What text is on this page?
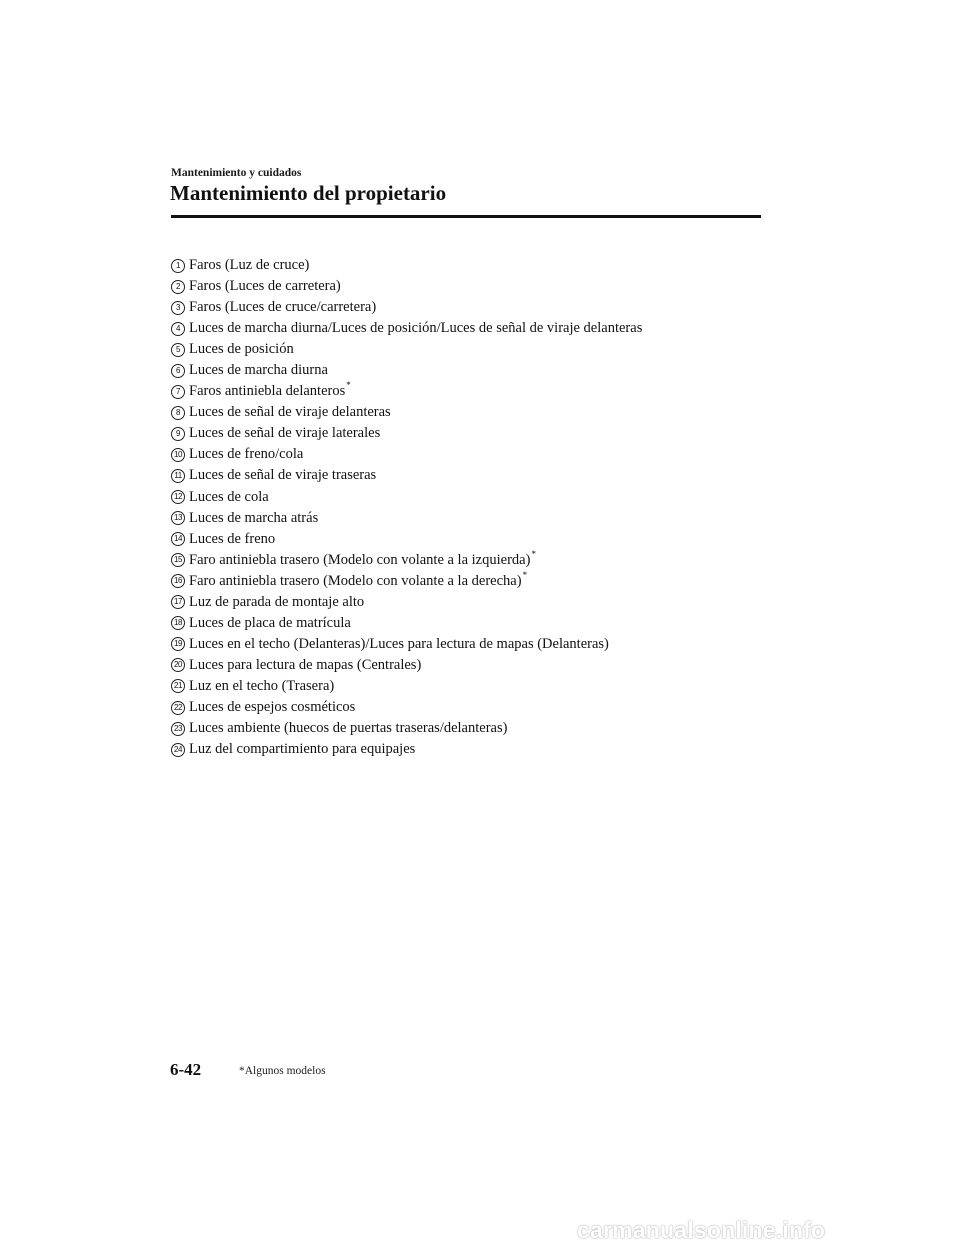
Mantenimiento y cuidados
Mantenimiento del propietario
1 Faros (Luz de cruce)
2 Faros (Luces de carretera)
3 Faros (Luces de cruce/carretera)
4 Luces de marcha diurna/Luces de posición/Luces de señal de viraje delanteras
5 Luces de posición
6 Luces de marcha diurna
7 Faros antiniebla delanteros *
8 Luces de señal de viraje delanteras
9 Luces de señal de viraje laterales
10 Luces de freno/cola
11 Luces de señal de viraje traseras
12 Luces de cola
13 Luces de marcha atrás
14 Luces de freno
15 Faro antiniebla trasero (Modelo con volante a la izquierda) *
16 Faro antiniebla trasero (Modelo con volante a la derecha) *
17 Luz de parada de montaje alto
18 Luces de placa de matrícula
19 Luces en el techo (Delanteras)/Luces para lectura de mapas (Delanteras)
20 Luces para lectura de mapas (Centrales)
21 Luz en el techo (Trasera)
22 Luces de espejos cosméticos
23 Luces ambiente (huecos de puertas traseras/delanteras)
24 Luz del compartimiento para equipajes
6-42	*Algunos modelos
carmanualsonline.info
